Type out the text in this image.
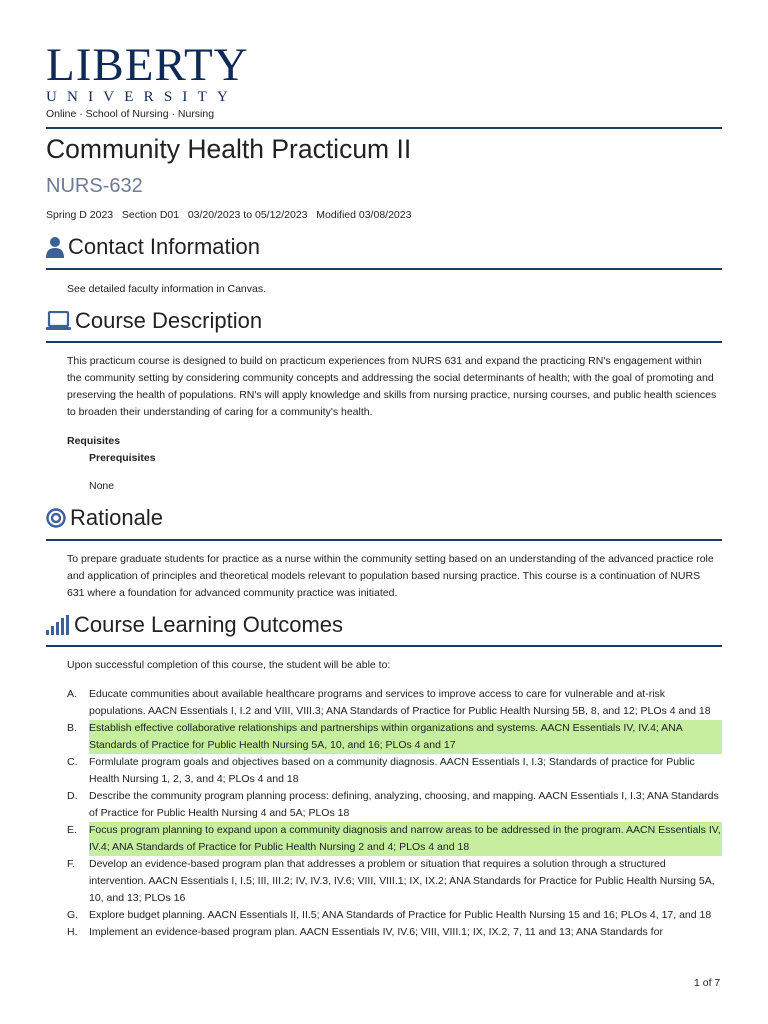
LIBERTY
UNIVERSITY
Online · School of Nursing · Nursing
Community Health Practicum II
NURS-632
Spring D 2023   Section D01   03/20/2023 to 05/12/2023   Modified 03/08/2023
Contact Information
See detailed faculty information in Canvas.
Course Description
This practicum course is designed to build on practicum experiences from NURS 631 and expand the practicing RN's engagement within the community setting by considering community concepts and addressing the social determinants of health; with the goal of promoting and preserving the health of populations. RN's will apply knowledge and skills from nursing practice, nursing courses, and public health sciences to broaden their understanding of caring for a community's health.
Requisites
Prerequisites
None
Rationale
To prepare graduate students for practice as a nurse within the community setting based on an understanding of the advanced practice role and application of principles and theoretical models relevant to population based nursing practice. This course is a continuation of NURS 631 where a foundation for advanced community practice was initiated.
Course Learning Outcomes
Upon successful completion of this course, the student will be able to:
A.	Educate communities about available healthcare programs and services to improve access to care for vulnerable and at-risk populations. AACN Essentials I, I.2 and VIII, VIII.3; ANA Standards of Practice for Public Health Nursing 5B, 8, and 12; PLOs 4 and 18
B.	Establish effective collaborative relationships and partnerships within organizations and systems. AACN Essentials IV, IV.4; ANA Standards of Practice for Public Health Nursing 5A, 10, and 16; PLOs 4 and 17
C.	Formlulate program goals and objectives based on a community diagnosis. AACN Essentials I, I.3; Standards of practice for Public Health Nursing 1, 2, 3, and 4; PLOs 4 and 18
D.	Describe the community program planning process: defining, analyzing, choosing, and mapping. AACN Essentials I, I.3; ANA Standards of Practice for Public Health Nursing 4 and 5A; PLOs 18
E.	Focus program planning to expand upon a community diagnosis and narrow areas to be addressed in the program. AACN Essentials IV, IV.4; ANA Standards of Practice for Public Health Nursing 2 and 4; PLOs 4 and 18
F.	Develop an evidence-based program plan that addresses a problem or situation that requires a solution through a structured intervention. AACN Essentials I, I.5; III, III.2; IV, IV.3, IV.6; VIII, VIII.1; IX, IX.2; ANA Standards for Practice for Public Health Nursing 5A, 10, and 13; PLOs 16
G.	Explore budget planning. AACN Essentials II, II.5; ANA Standards of Practice for Public Health Nursing 15 and 16; PLOs 4, 17, and 18
H.	Implement an evidence-based program plan. AACN Essentials IV, IV.6; VIII, VIII.1; IX, IX.2, 7, 11 and 13; ANA Standards for
1 of 7
